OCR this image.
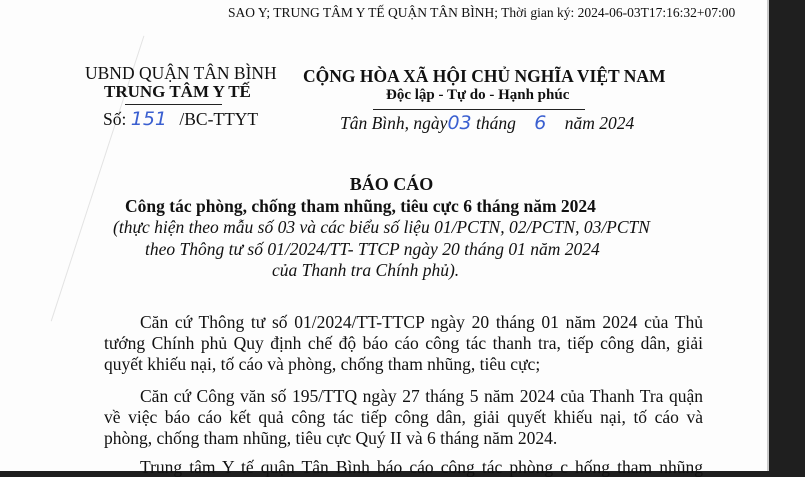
SAO Y; TRUNG TÂM Y TẾ QUẬN TÂN BÌNH; Thời gian ký: 2024-06-03T17:16:32+07:00
UBND QUẬN TÂN BÌNH
TRUNG TÂM Y TẾ
Số: 151 /BC-TTYT
CỘNG HÒA XÃ HỘI CHỦ NGHĨA VIỆT NAM
Độc lập - Tự do - Hạnh phúc
Tân Bình, ngày03 tháng 6 năm 2024
BÁO CÁO
Công tác phòng, chống tham nhũng, tiêu cực 6 tháng năm 2024
(thực hiện theo mẫu số 03 và các biểu số liệu 01/PCTN, 02/PCTN, 03/PCTN
theo Thông tư số 01/2024/TT- TTCP ngày 20 tháng 01 năm 2024
của Thanh tra Chính phủ).
Căn cứ Thông tư số 01/2024/TT-TTCP ngày 20 tháng 01 năm 2024 của Thủ
tướng Chính phủ Quy định chế độ báo cáo công tác thanh tra, tiếp công dân, giải
quyết khiếu nại, tố cáo và phòng, chống tham nhũng, tiêu cực;
Căn cứ Công văn số 195/TTQ ngày 27 tháng 5 năm 2024 của Thanh Tra quận
về việc báo cáo kết quả công tác tiếp công dân, giải quyết khiếu nại, tố cáo và
phòng, chống tham nhũng, tiêu cực Quý II và 6 tháng năm 2024.
Trung tâm Y tế quận Tân Bình báo cáo công tác phòng c hống tham nhũng
